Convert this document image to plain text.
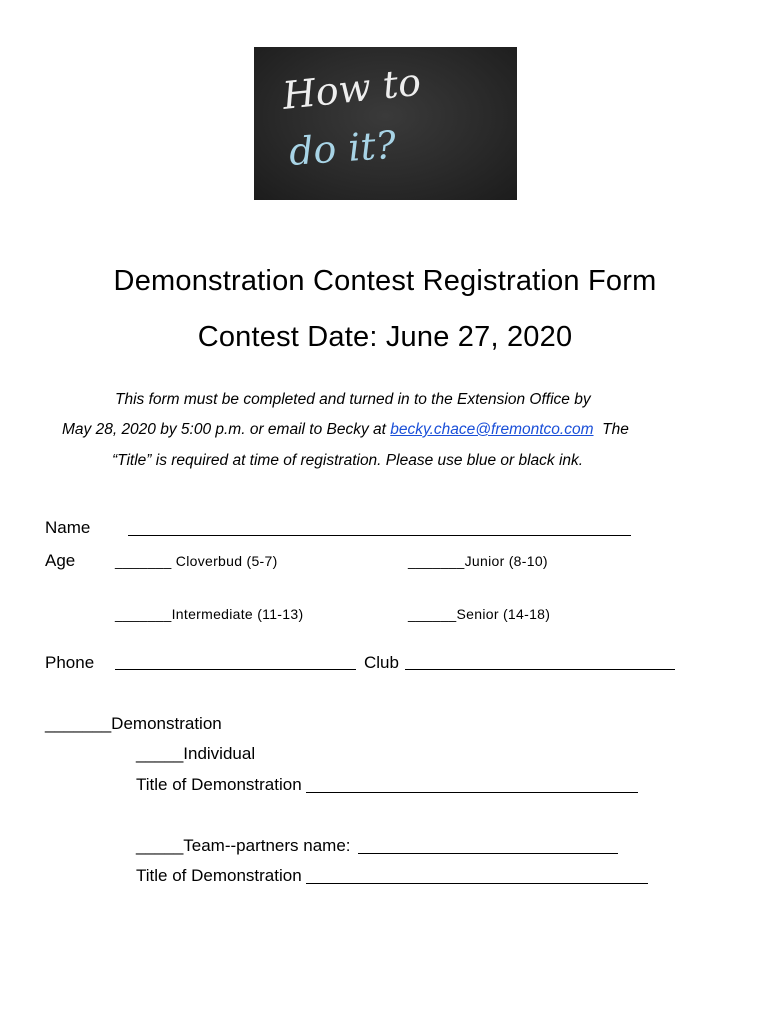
How to
do it?
Demonstration Contest Registration Form
Contest Date: June 27, 2020
This form must be completed and turned in to the Extension Office by
May 28, 2020 by 5:00 p.m. or email to Becky at becky.chace@fremontco.com The
“Title” is required at time of registration. Please use blue or black ink.
Name
Age	_______ Cloverbud (5-7)	_______Junior (8-10)
_______Intermediate (11-13)	______Senior (14-18)
Phone	Club
_______Demonstration
_____Individual
Title of Demonstration
_____Team--partners name:
Title of Demonstration
